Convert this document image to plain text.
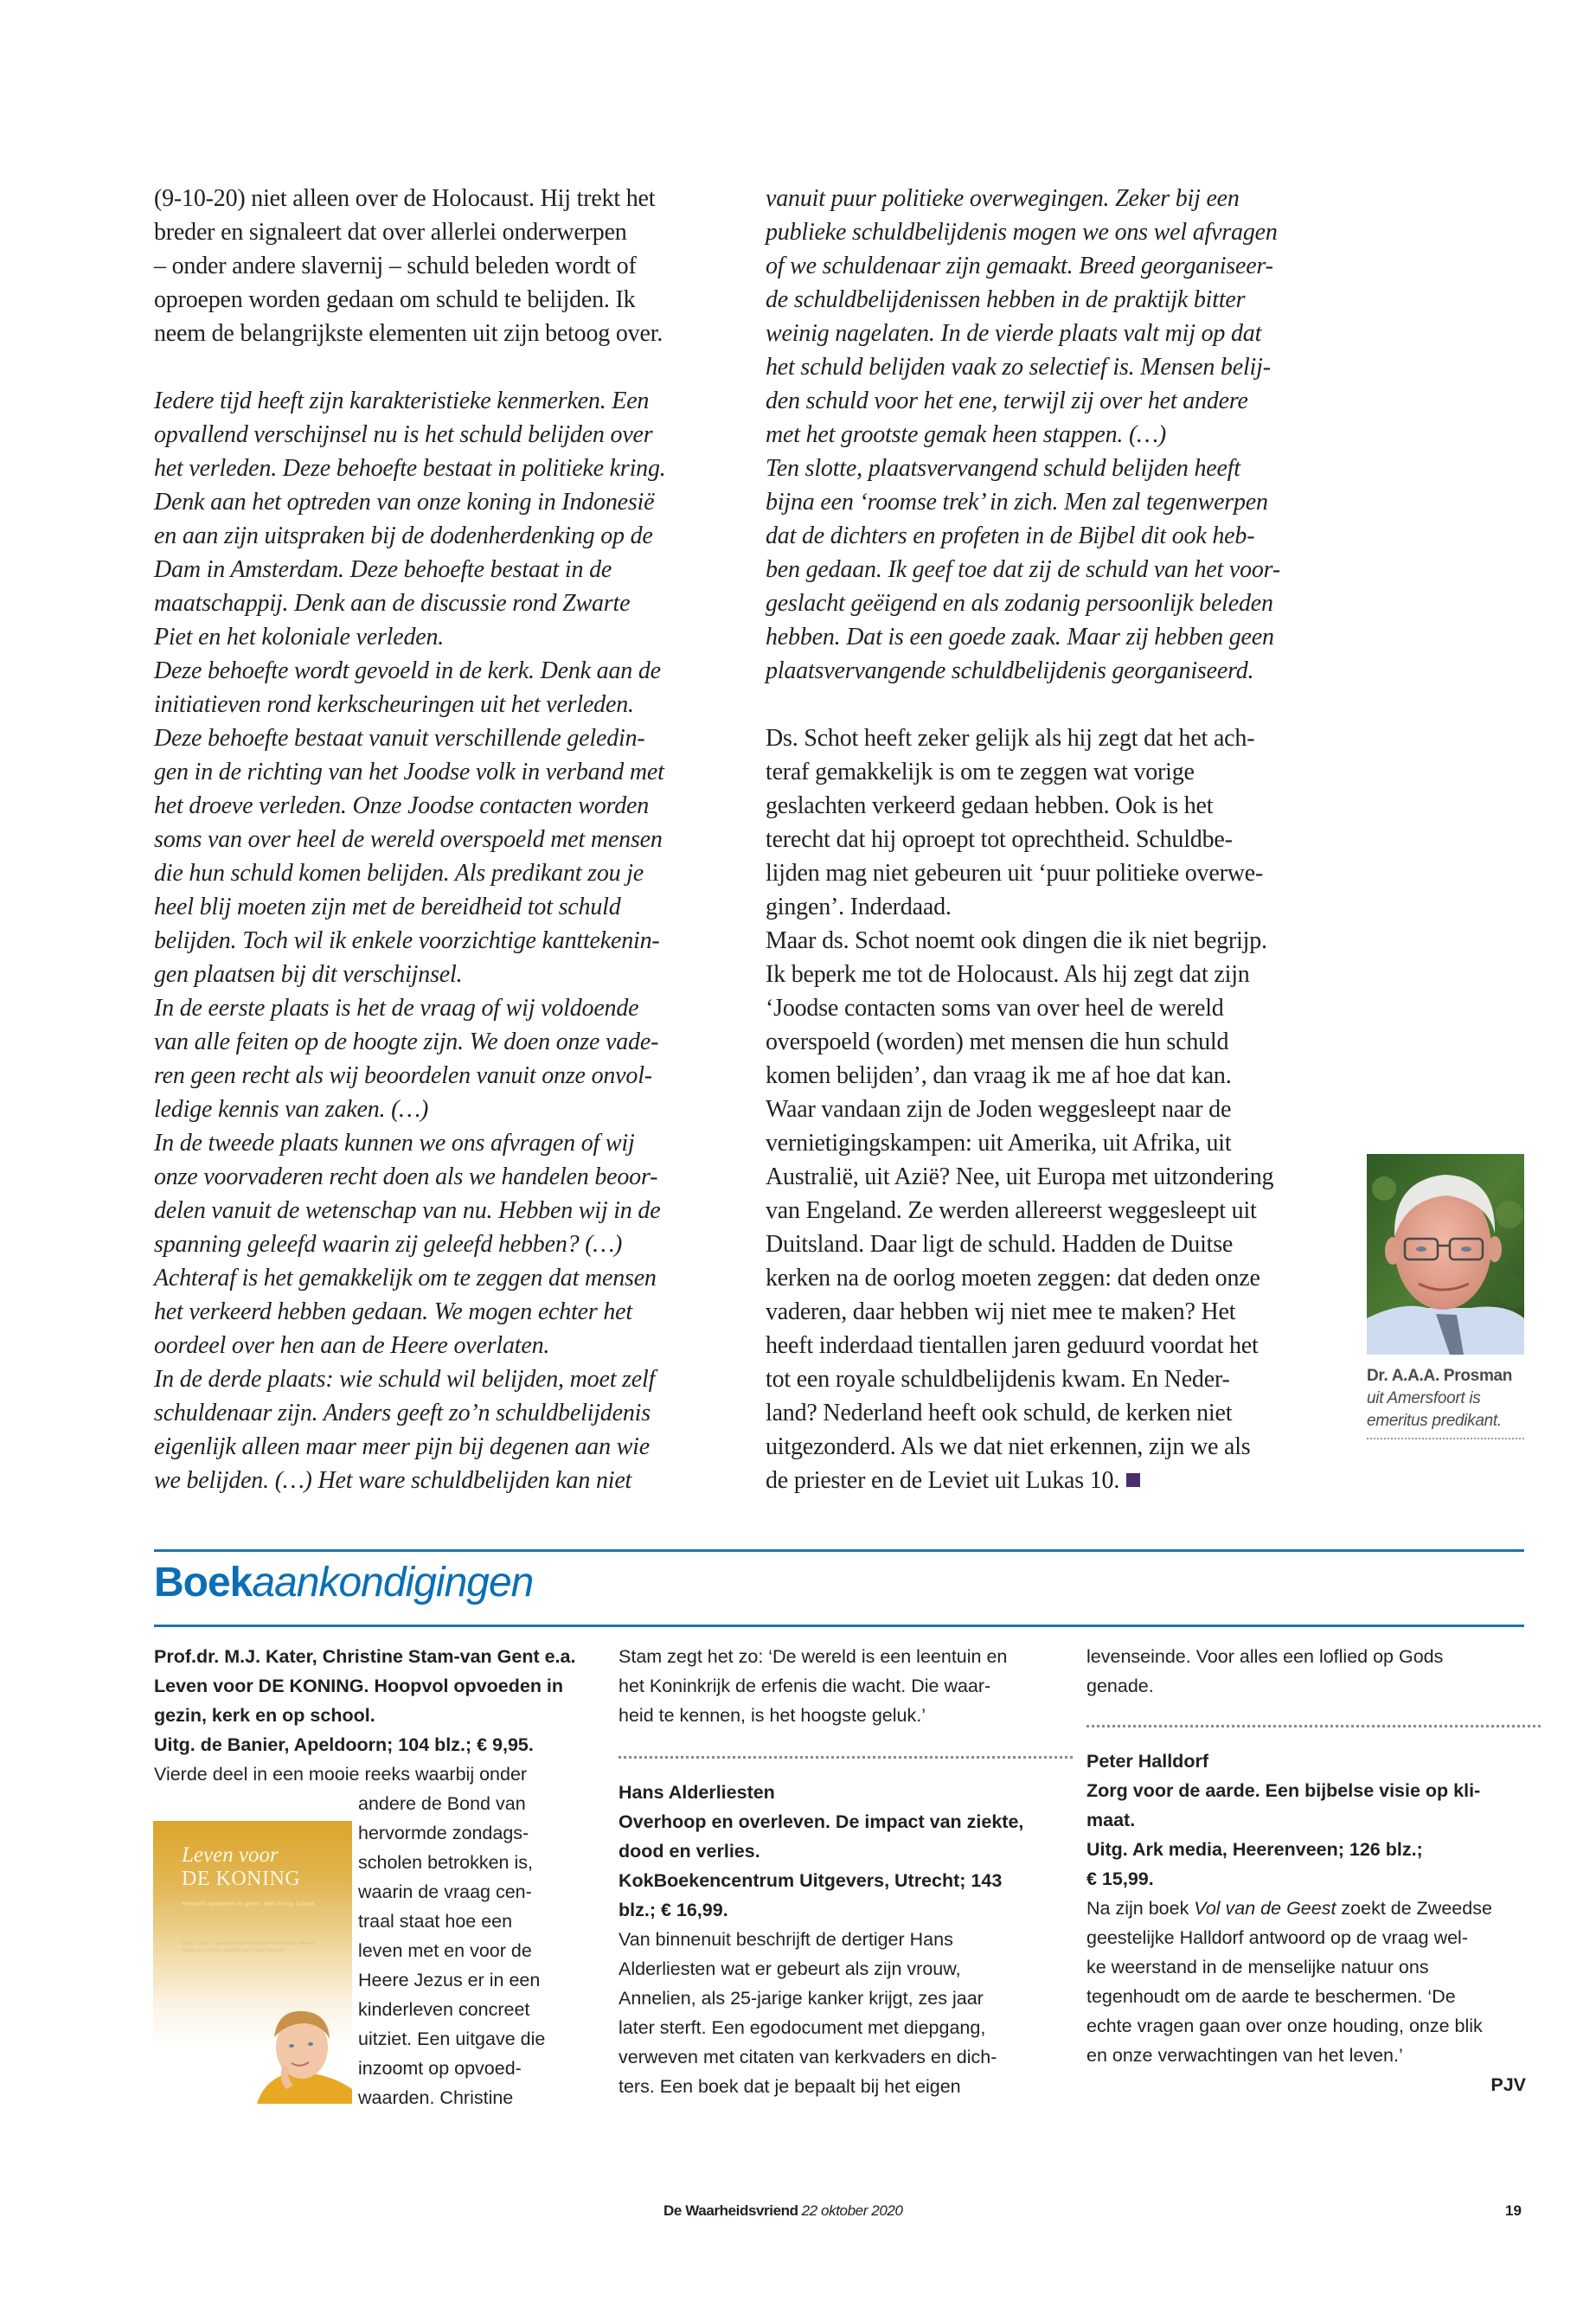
(9-10-20) niet alleen over de Holocaust. Hij trekt het

breder en signaleert dat over allerlei onderwerpen

– onder andere slavernij – schuld beleden wordt of

oproepen worden gedaan om schuld te belijden. Ik

neem de belangrijkste elementen uit zijn betoog over.

Iedere tijd heeft zijn karakteristieke kenmerken. Een

opvallend verschijnsel nu is het schuld belijden over

het verleden. Deze behoefte bestaat in politieke kring.

Denk aan het optreden van onze koning in Indonesië

en aan zijn uitspraken bij de dodenherdenking op de

Dam in Amsterdam. Deze behoefte bestaat in de

maatschappij. Denk aan de discussie rond Zwarte

Piet en het koloniale verleden.

Deze behoefte wordt gevoeld in de kerk. Denk aan de

initiatieven rond kerkscheuringen uit het verleden.

Deze behoefte bestaat vanuit verschillende geledin-

gen in de richting van het Joodse volk in verband met

het droeve verleden. Onze Joodse contacten worden

soms van over heel de wereld overspoeld met mensen

die hun schuld komen belijden. Als predikant zou je

heel blij moeten zijn met de bereidheid tot schuld

belijden. Toch wil ik enkele voorzichtige kanttekenin-

gen plaatsen bij dit verschijnsel.

In de eerste plaats is het de vraag of wij voldoende

van alle feiten op de hoogte zijn. We doen onze vade-

ren geen recht als wij beoordelen vanuit onze onvol-

ledige kennis van zaken. (…)

In de tweede plaats kunnen we ons afvragen of wij

onze voorvaderen recht doen als we handelen beoor-

delen vanuit de wetenschap van nu. Hebben wij in de

spanning geleefd waarin zij geleefd hebben? (…)

Achteraf is het gemakkelijk om te zeggen dat mensen

het verkeerd hebben gedaan. We mogen echter het

oordeel over hen aan de Heere overlaten.

In de derde plaats: wie schuld wil belijden, moet zelf

schuldenaar zijn. Anders geeft zo’n schuldbelijdenis

eigenlijk alleen maar meer pijn bij degenen aan wie

we belijden. (…) Het ware schuldbelijden kan niet

vanuit puur politieke overwegingen. Zeker bij een

publieke schuldbelijdenis mogen we ons wel afvragen

of we schuldenaar zijn gemaakt. Breed georganiseer-

de schuldbelijdenissen hebben in de praktijk bitter

weinig nagelaten. In de vierde plaats valt mij op dat

het schuld belijden vaak zo selectief is. Mensen belij-

den schuld voor het ene, terwijl zij over het andere

met het grootste gemak heen stappen. (…)

Ten slotte, plaatsvervangend schuld belijden heeft

bijna een ‘roomse trek’ in zich. Men zal tegenwerpen

dat de dichters en profeten in de Bijbel dit ook heb-

ben gedaan. Ik geef toe dat zij de schuld van het voor-

geslacht geëigend en als zodanig persoonlijk beleden

hebben. Dat is een goede zaak. Maar zij hebben geen

plaatsvervangende schuldbelijdenis georganiseerd.

Ds. Schot heeft zeker gelijk als hij zegt dat het ach-

teraf gemakkelijk is om te zeggen wat vorige

geslachten verkeerd gedaan hebben. Ook is het

terecht dat hij oproept tot oprechtheid. Schuldbe-

lijden mag niet gebeuren uit ‘puur politieke overwe-

gingen’. Inderdaad.

Maar ds. Schot noemt ook dingen die ik niet begrijp.

Ik beperk me tot de Holocaust. Als hij zegt dat zijn

‘Joodse contacten soms van over heel de wereld

overspoeld (worden) met mensen die hun schuld

komen belijden’, dan vraag ik me af hoe dat kan.

Waar vandaan zijn de Joden weggesleept naar de

vernietigingskampen: uit Amerika, uit Afrika, uit

Australië, uit Azië? Nee, uit Europa met uitzondering

van Engeland. Ze werden allereerst weggesleept uit

Duitsland. Daar ligt de schuld. Hadden de Duitse

kerken na de oorlog moeten zeggen: dat deden onze

vaderen, daar hebben wij niet mee te maken? Het

heeft inderdaad tientallen jaren geduurd voordat het

tot een royale schuldbelijdenis kwam. En Neder-

land? Nederland heeft ook schuld, de kerken niet

uitgezonderd. Als we dat niet erkennen, zijn we als

de priester en de Leviet uit Lukas 10.

Dr. A.A.A. Prosman
uit Amersfoort is
emeritus predikant.
Boekaankondigingen

Prof.dr. M.J. Kater, Christine Stam-van Gent e.a.

Leven voor DE KONING. Hoopvol opvoeden in

gezin, kerk en op school.

Uitg. de Banier, Apeldoorn; 104 blz.; € 9,95.

Vierde deel in een mooie reeks waarbij onder

andere de Bond van

hervormde zondags-

scholen betrokken is,

waarin de vraag cen-

traal staat hoe een

leven met en voor de

Heere Jezus er in een

kinderleven concreet

uitziet. Een uitgave die

inzoomt op opvoed-

waarden. Christine

Leven voor
DE KONING
Hoopvol opvoeden in gezin, kerk en op school
dr. M.J. Kater, Christine Stam-van Gent, Elise Faber-Maurits, Albertine Karels-van den Brink, Liesbeth van Klinken-Rijneveld

Stam zegt het zo: ‘De wereld is een leentuin en

het Koninkrijk de erfenis die wacht. Die waar-

heid te kennen, is het hoogste geluk.’

Hans Alderliesten

Overhoop en overleven. De impact van ziekte,

dood en verlies.

KokBoekencentrum Uitgevers, Utrecht; 143

blz.; € 16,99.

Van binnenuit beschrijft de dertiger Hans

Alderliesten wat er gebeurt als zijn vrouw,

Annelien, als 25-jarige kanker krijgt, zes jaar

later sterft. Een egodocument met diepgang,

verweven met citaten van kerkvaders en dich-

ters. Een boek dat je bepaalt bij het eigen

levenseinde. Voor alles een loflied op Gods

genade.

Peter Halldorf

Zorg voor de aarde. Een bijbelse visie op kli-

maat.

Uitg. Ark media, Heerenveen; 126 blz.;

€ 15,99.

Na zijn boek Vol van de Geest zoekt de Zweedse

geestelijke Halldorf antwoord op de vraag wel-

ke weerstand in de menselijke natuur ons

tegenhoudt om de aarde te beschermen. ‘De

echte vragen gaan over onze houding, onze blik

en onze verwachtingen van het leven.’

PJV

De Waarheidsvriend 22 oktober 2020	19
